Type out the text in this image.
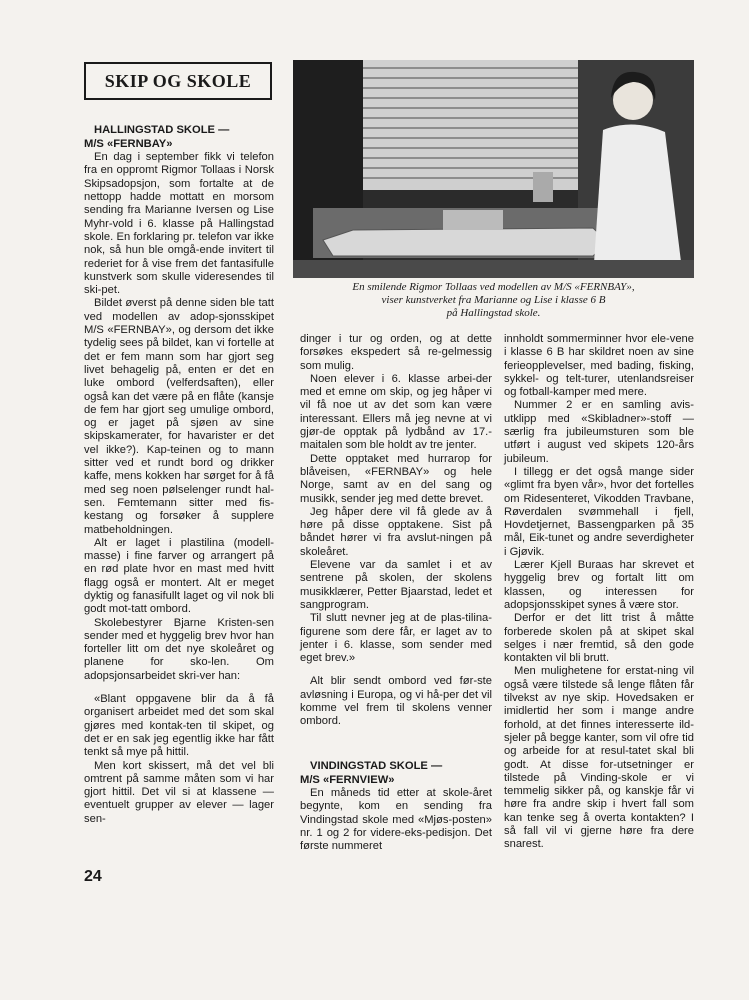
SKIP OG SKOLE
En smilende Rigmor Tollaas ved modellen av M/S «FERNBAY»,
viser kunstverket fra Marianne og Lise i klasse 6 B
på Hallingstad skole.

HALLINGSTAD SKOLE —
M/S «FERNBAY»

En dag i september fikk vi telefon fra en oppromt Rigmor Tollaas i Norsk Skipsadopsjon, som fortalte at de nettopp hadde mottatt en morsom sending fra Marianne Iversen og Lise Myhr-vold i 6. klasse på Hallingstad skole. En forklaring pr. telefon var ikke nok, så hun ble omgå-ende invitert til rederiet for å vise frem det fantasifulle kunstverk som skulle videresendes til ski-pet.

Bildet øverst på denne siden ble tatt ved modellen av adop-sjonsskipet M/S «FERNBAY», og dersom det ikke tydelig sees på bildet, kan vi fortelle at det er fem mann som har gjort seg livet behagelig på, enten er det en luke ombord (velferdsaften), eller også kan det være på en flåte (kansje de fem har gjort seg umulige ombord, og er jaget på sjøen av sine skipskamerater, for havarister er det vel ikke?). Kap-teinen og to mann sitter ved et rundt bord og drikker kaffe, mens kokken har sørget for å få med seg noen pølselenger rundt hal-sen. Femtemann sitter med fis-kestang og forsøker å supplere matbeholdningen.

Alt er laget i plastilina (modell-masse) i fine farver og arrangert på en rød plate hvor en mast med hvitt flagg også er montert. Alt er meget dyktig og fanasifullt laget og vil nok bli godt mot-tatt ombord.

Skolebestyrer Bjarne Kristen-sen sender med et hyggelig brev hvor han forteller litt om det nye skoleåret og planene for sko-len. Om adopsjonsarbeidet skri-ver han:

«Blant oppgavene blir da å få organisert arbeidet med det som skal gjøres med kontak-ten til skipet, og det er en sak jeg egentlig ikke har fått tenkt så mye på hittil.

Men kort skissert, må det vel bli omtrent på samme måten som vi har gjort hittil. Det vil si at klassene — eventuelt grupper av elever — lager sen-

dinger i tur og orden, og at dette forsøkes ekspedert så re-gelmessig som mulig.

Noen elever i 6. klasse arbei-der med et emne om skip, og jeg håper vi vil få noe ut av det som kan være interessant. Ellers må jeg nevne at vi gjør-de opptak på lydbånd av 17.-maitalen som ble holdt av tre jenter.

Dette opptaket med hurrarop for blåveisen, «FERNBAY» og hele Norge, samt av en del sang og musikk, sender jeg med dette brevet.

Jeg håper dere vil få glede av å høre på disse opptakene. Sist på båndet hører vi fra avslut-ningen på skoleåret.

Elevene var da samlet i et av sentrene på skolen, der skolens musikklærer, Petter Bjaarstad, ledet et sangprogram.

Til slutt nevner jeg at de plas-tilina-figurene som dere får, er laget av to jenter i 6. klasse, som sender med eget brev.»

Alt blir sendt ombord ved før-ste avløsning i Europa, og vi hå-per det vil komme vel frem til skolens venner ombord.

VINDINGSTAD SKOLE —
M/S «FERNVIEW»

En måneds tid etter at skole-året begynte, kom en sending fra Vindingstad skole med «Mjøs-posten» nr. 1 og 2 for videre-eks-pedisjon. Det første nummeret

innholdt sommerminner hvor ele-vene i klasse 6 B har skildret noen av sine ferieopplevelser, med bading, fisking, sykkel- og telt-turer, utenlandsreiser og fotball-kamper med mere.

Nummer 2 er en samling avis-utklipp med «Skibladner»-stoff — særlig fra jubileumsturen som ble utført i august ved skipets 120-års jubileum.

I tillegg er det også mange sider «glimt fra byen vår», hvor det fortelles om Ridesenteret, Vikodden Travbane, Røverdalen svømmehall i fjell, Hovdetjernet, Bassengparken på 35 mål, Eik-tunet og andre severdigheter i Gjøvik.

Lærer Kjell Buraas har skrevet et hyggelig brev og fortalt litt om klassen, og interessen for adopsjonsskipet synes å være stor.

Derfor er det litt trist å måtte forberede skolen på at skipet skal selges i nær fremtid, så den gode kontakten vil bli brutt.

Men mulighetene for erstat-ning vil også være tilstede så lenge flåten får tilvekst av nye skip. Hovedsaken er imidlertid her som i mange andre forhold, at det finnes interesserte ild-sjeler på begge kanter, som vil ofre tid og arbeide for at resul-tatet skal bli godt. At disse for-utsetninger er tilstede på Vinding-skole er vi temmelig sikker på, og kanskje får vi høre fra andre skip i hvert fall som kan tenke seg å overta kontakten? I så fall vil vi gjerne høre fra dere snarest.

24
